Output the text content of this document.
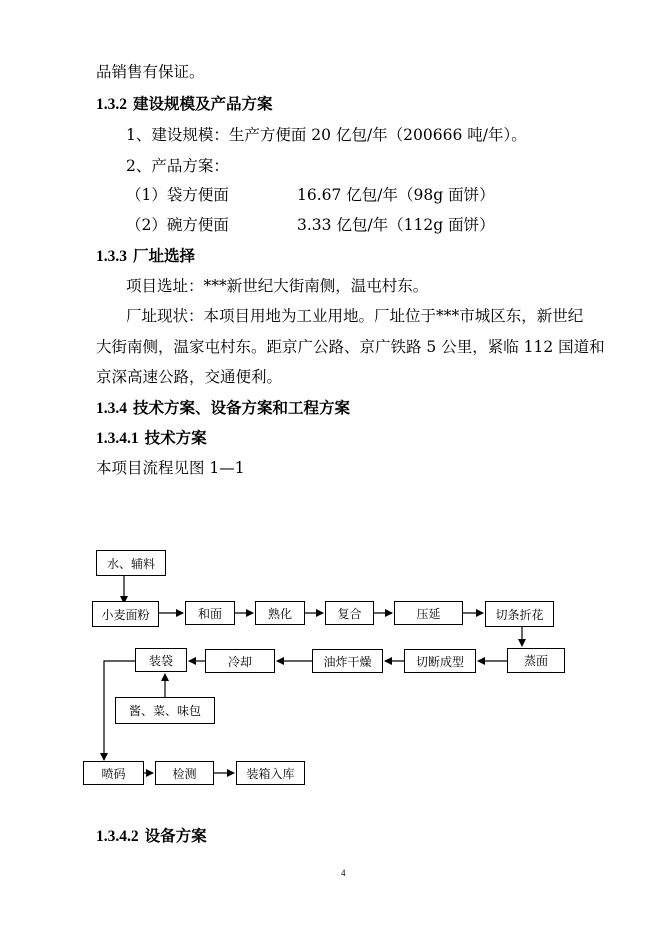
品销售有保证。
1.3.2 建设规模及产品方案
1、建设规模：生产方便面 20 亿包/年（200666 吨/年）。
2、产品方案：
（1）袋方便面	16.67 亿包/年（98g 面饼）
（2）碗方便面	3.33 亿包/年（112g 面饼）
1.3.3 厂址选择
项目选址：***新世纪大街南侧，温屯村东。
厂址现状：本项目用地为工业用地。厂址位于***市城区东，新世纪
大街南侧，温家屯村东。距京广公路、京广铁路 5 公里，紧临 112 国道和
京深高速公路，交通便利。
1.3.4 技术方案、设备方案和工程方案
1.3.4.1 技术方案
本项目流程见图 1—1
水、辅料
小麦面粉	和面	熟化	复合	压延	切条折花
蒸面
切断成型
油炸干燥
冷却
装袋
酱、菜、味包
喷码	检测	装箱入库
1.3.4.2 设备方案
4
